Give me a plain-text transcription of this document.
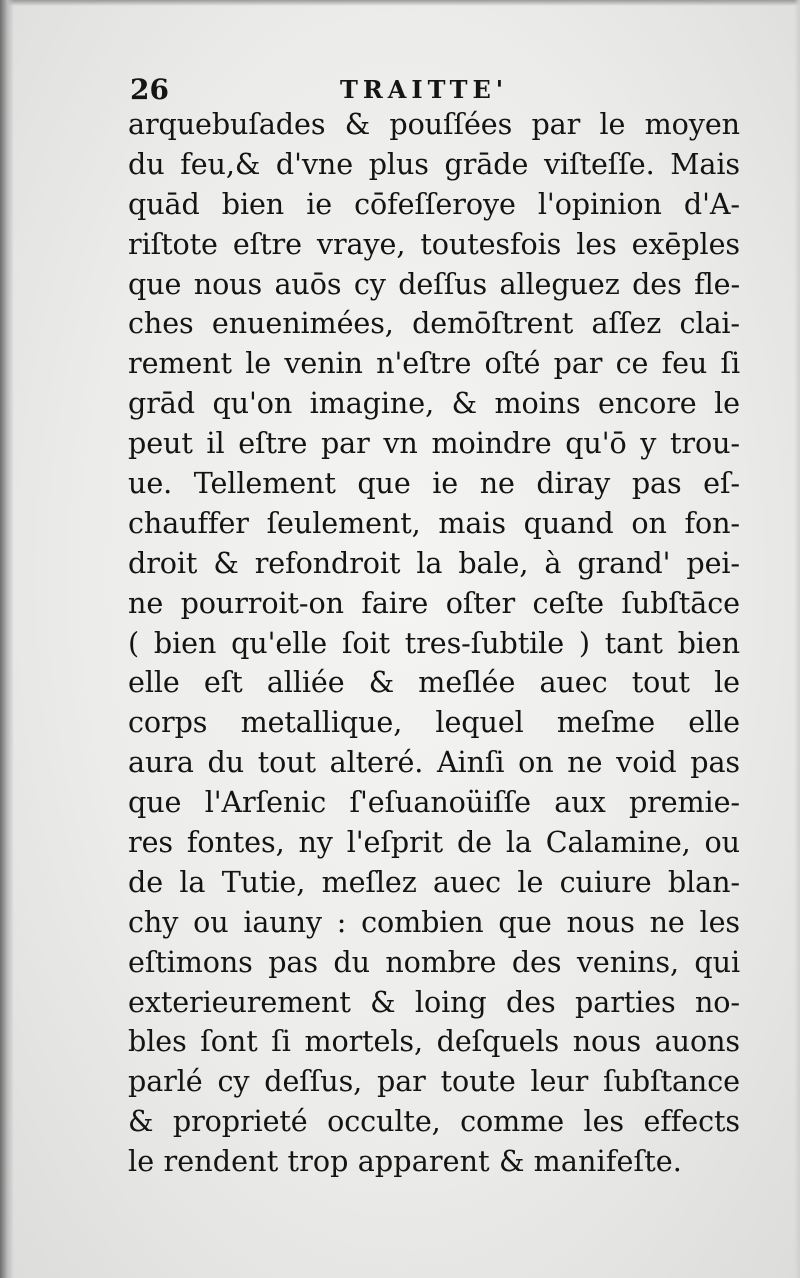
26	TRAITTE'
arquebuſades & pouſſées par le moyen
du feu,& d'vne plus grāde viſteſſe. Mais
quād bien ie cōfeſſeroye l'opinion d'A-
riſtote eſtre vraye, toutesfois les exēples
que nous auōs cy deſſus alleguez des fle-
ches enuenimées, demōſtrent aſſez clai-
rement le venin n'eſtre oſté par ce feu ſi
grād qu'on imagine, & moins encore le
peut il eſtre par vn moindre qu'ō y trou-
ue. Tellement que ie ne diray pas eſ-
chauffer ſeulement, mais quand on fon-
droit & refondroit la bale, à grand' pei-
ne pourroit-on faire oſter ceſte ſubſtāce
( bien qu'elle ſoit tres-ſubtile ) tant bien
elle eſt alliée & meſlée auec tout le
corps metallique, lequel meſme elle
aura du tout alteré. Ainſi on ne void pas
que l'Arſenic ſ'eſuanoüiſſe aux premie-
res fontes, ny l'eſprit de la Calamine, ou
de la Tutie, meſlez auec le cuiure blan-
chy ou iauny : combien que nous ne les
eſtimons pas du nombre des venins, qui
exterieurement & loing des parties no-
bles ſont ſi mortels, deſquels nous auons
parlé cy deſſus, par toute leur ſubſtance
& proprieté occulte, comme les effects
le rendent trop apparent & manifeſte.
